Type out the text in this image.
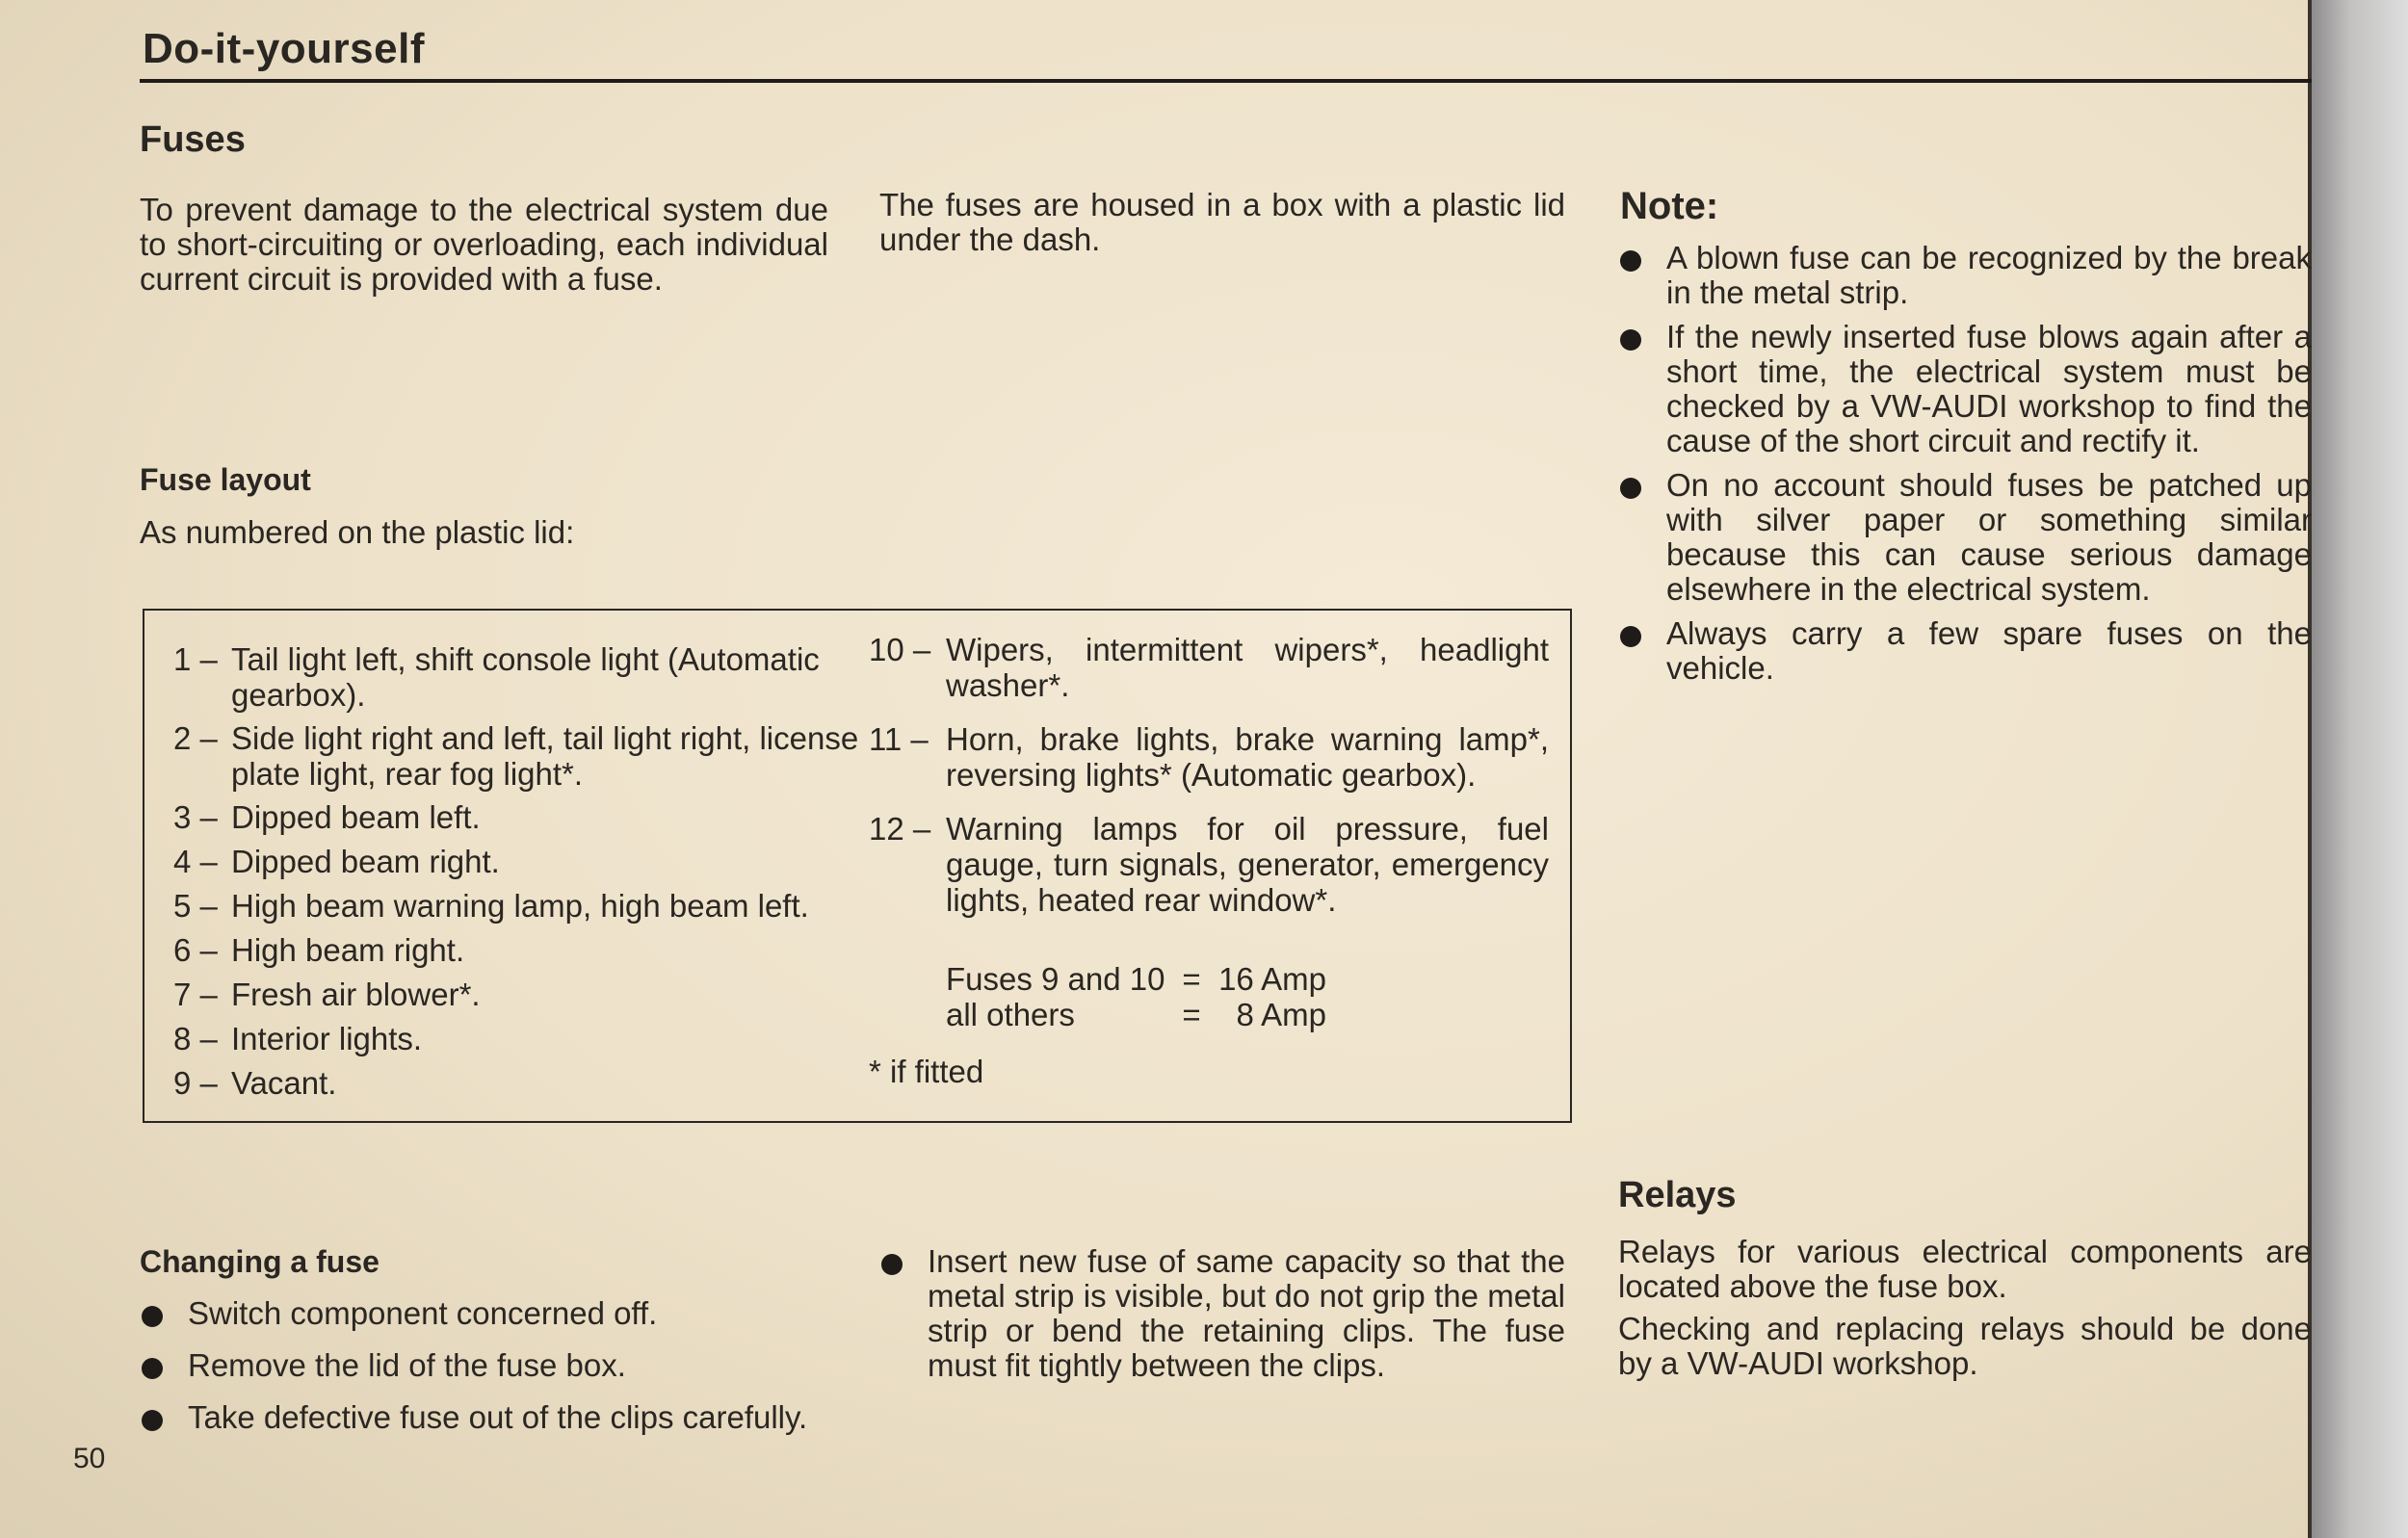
Do-it-yourself
Fuses
To prevent damage to the electrical system due to short-circuiting or overloading, each individual current circuit is provided with a fuse.
The fuses are housed in a box with a plastic lid under the dash.
Fuse layout
As numbered on the plastic lid:
1 – Tail light left, shift console light (Automatic gearbox).
2 – Side light right and left, tail light right, license plate light, rear fog light*.
3 – Dipped beam left.
4 – Dipped beam right.
5 – High beam warning lamp, high beam left.
6 – High beam right.
7 – Fresh air blower*.
8 – Interior lights.
9 – Vacant.
10 – Wipers, intermittent wipers*, headlight washer*.
11 – Horn, brake lights, brake warning lamp*, reversing lights* (Automatic gearbox).
12 – Warning lamps for oil pressure, fuel gauge, turn signals, generator, emergency lights, heated rear window*.
Fuses 9 and 10 = 16 Amp
all others	=	8 Amp
* if fitted
Note:
A blown fuse can be recognized by the break in the metal strip.
If the newly inserted fuse blows again after a short time, the electrical system must be checked by a VW-AUDI workshop to find the cause of the short circuit and rectify it.
On no account should fuses be patched up with silver paper or something similar because this can cause serious damage elsewhere in the electrical system.
Always carry a few spare fuses on the vehicle.
Changing a fuse
Switch component concerned off.
Remove the lid of the fuse box.
Take defective fuse out of the clips carefully.
Insert new fuse of same capacity so that the metal strip is visible, but do not grip the metal strip or bend the retaining clips. The fuse must fit tightly between the clips.
Relays
Relays for various electrical components are located above the fuse box.
Checking and replacing relays should be done by a VW-AUDI workshop.
50
